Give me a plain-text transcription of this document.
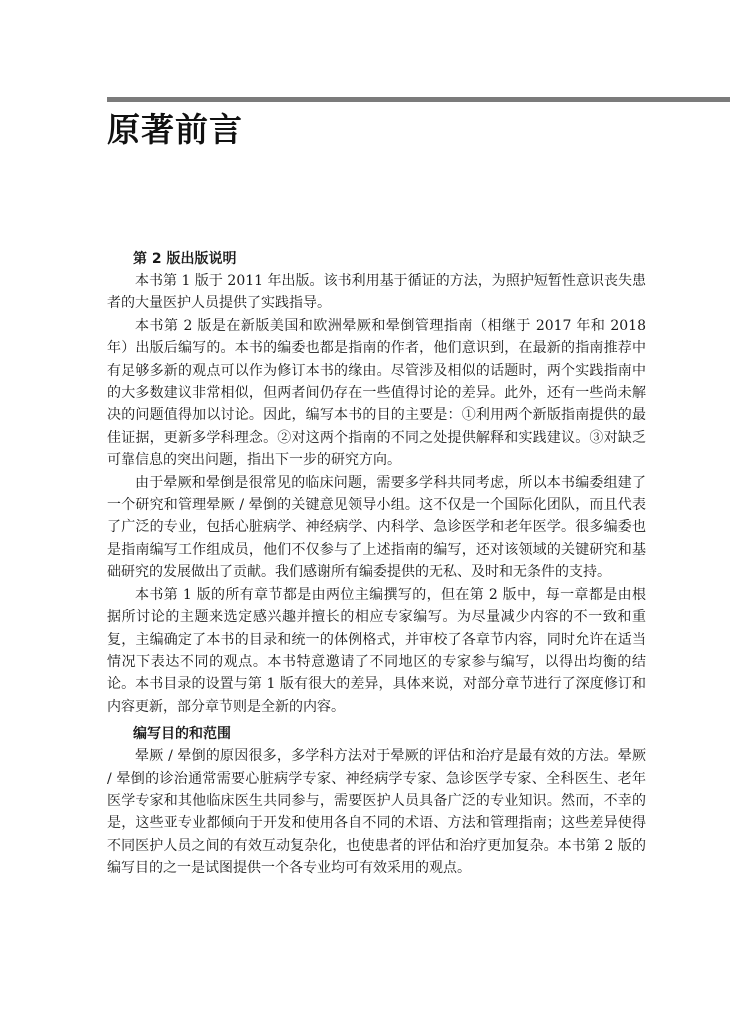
原著前言
第 2 版出版说明

本书第 1 版于 2011 年出版。该书利用基于循证的方法，为照护短暂性意识丧失患者的大量医护人员提供了实践指导。

本书第 2 版是在新版美国和欧洲晕厥和晕倒管理指南（相继于 2017 年和 2018 年）出版后编写的。本书的编委也都是指南的作者，他们意识到，在最新的指南推荐中有足够多新的观点可以作为修订本书的缘由。尽管涉及相似的话题时，两个实践指南中的大多数建议非常相似，但两者间仍存在一些值得讨论的差异。此外，还有一些尚未解决的问题值得加以讨论。因此，编写本书的目的主要是：①利用两个新版指南提供的最佳证据，更新多学科理念。②对这两个指南的不同之处提供解释和实践建议。③对缺乏可靠信息的突出问题，指出下一步的研究方向。

由于晕厥和晕倒是很常见的临床问题，需要多学科共同考虑，所以本书编委组建了一个研究和管理晕厥 / 晕倒的关键意见领导小组。这不仅是一个国际化团队，而且代表了广泛的专业，包括心脏病学、神经病学、内科学、急诊医学和老年医学。很多编委也是指南编写工作组成员，他们不仅参与了上述指南的编写，还对该领域的关键研究和基础研究的发展做出了贡献。我们感谢所有编委提供的无私、及时和无条件的支持。

本书第 1 版的所有章节都是由两位主编撰写的，但在第 2 版中，每一章都是由根据所讨论的主题来选定感兴趣并擅长的相应专家编写。为尽量减少内容的不一致和重复，主编确定了本书的目录和统一的体例格式，并审校了各章节内容，同时允许在适当情况下表达不同的观点。本书特意邀请了不同地区的专家参与编写，以得出均衡的结论。本书目录的设置与第 1 版有很大的差异，具体来说，对部分章节进行了深度修订和内容更新，部分章节则是全新的内容。

编写目的和范围

晕厥 / 晕倒的原因很多，多学科方法对于晕厥的评估和治疗是最有效的方法。晕厥 / 晕倒的诊治通常需要心脏病学专家、神经病学专家、急诊医学专家、全科医生、老年医学专家和其他临床医生共同参与，需要医护人员具备广泛的专业知识。然而，不幸的是，这些亚专业都倾向于开发和使用各自不同的术语、方法和管理指南；这些差异使得不同医护人员之间的有效互动复杂化，也使患者的评估和治疗更加复杂。本书第 2 版的编写目的之一是试图提供一个各专业均可有效采用的观点。
